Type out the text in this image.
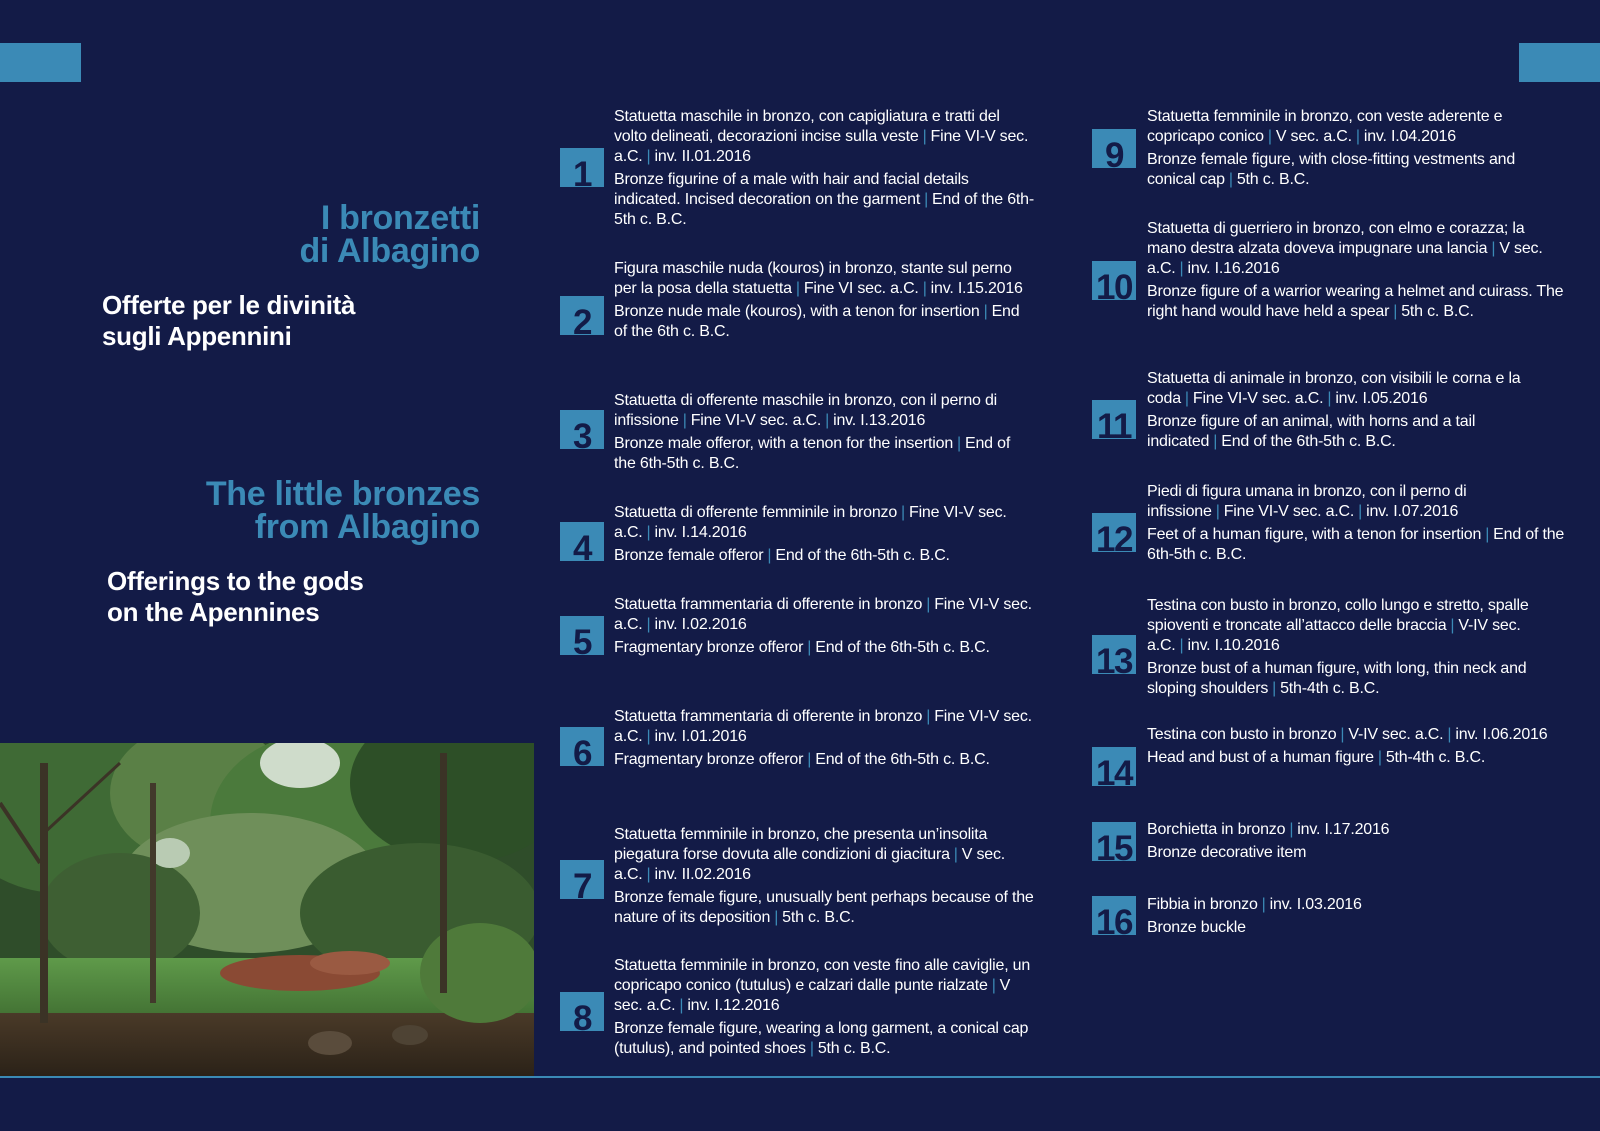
I bronzetti
di Albagino
Offerte per le divinità
sugli Appennini
The little bronzes
from Albagino
Offerings to the gods
on the Apennines
1

Statuetta maschile in bronzo, con capigliatura e tratti del volto delineati, decorazioni incise sulla veste | Fine VI-V sec. a.C. | inv. II.01.2016

Bronze figurine of a male with hair and facial details indicated. Incised decoration on the garment | End of the 6th-5th c. B.C.

2

Figura maschile nuda (kouros) in bronzo, stante sul perno per la posa della statuetta | Fine VI sec. a.C. | inv. I.15.2016

Bronze nude male (kouros), with a tenon for insertion | End of the 6th c. B.C.

3

Statuetta di offerente maschile in bronzo, con il perno di infissione | Fine VI-V sec. a.C. | inv. I.13.2016

Bronze male offeror, with a tenon for the insertion | End of the 6th-5th c. B.C.

4

Statuetta di offerente femminile in bronzo | Fine VI-V sec. a.C. | inv. I.14.2016

Bronze female offeror | End of the 6th-5th c. B.C.

5

Statuetta frammentaria di offerente in bronzo | Fine VI-V sec. a.C. | inv. I.02.2016

Fragmentary bronze offeror | End of the 6th-5th c. B.C.

6

Statuetta frammentaria di offerente in bronzo | Fine VI-V sec. a.C. | inv. I.01.2016

Fragmentary bronze offeror | End of the 6th-5th c. B.C.

7

Statuetta femminile in bronzo, che presenta un’insolita piegatura forse dovuta alle condizioni di giacitura | V sec. a.C. | inv. II.02.2016

Bronze female figure, unusually bent perhaps because of the nature of its deposition | 5th c. B.C.

8

Statuetta femminile in bronzo, con veste fino alle caviglie, un copricapo conico (tutulus) e calzari dalle punte rialzate | V sec. a.C. | inv. I.12.2016

Bronze female figure, wearing a long garment, a conical cap (tutulus), and pointed shoes | 5th c. B.C.

9

Statuetta femminile in bronzo, con veste aderente e copricapo conico | V sec. a.C. | inv. I.04.2016

Bronze female figure, with close-fitting vestments and conical cap | 5th c. B.C.

10

Statuetta di guerriero in bronzo, con elmo e corazza; la mano destra alzata doveva impugnare una lancia | V sec. a.C. | inv. I.16.2016

Bronze figure of a warrior wearing a helmet and cuirass. The right hand would have held a spear | 5th c. B.C.

11

Statuetta di animale in bronzo, con visibili le corna e la coda | Fine VI-V sec. a.C. | inv. I.05.2016

Bronze figure of an animal, with horns and a tail indicated | End of the 6th-5th c. B.C.

12

Piedi di figura umana in bronzo, con il perno di infissione | Fine VI-V sec. a.C. | inv. I.07.2016

Feet of a human figure, with a tenon for insertion | End of the 6th-5th c. B.C.

13

Testina con busto in bronzo, collo lungo e stretto, spalle spioventi e troncate all’attacco delle braccia | V-IV sec. a.C. | inv. I.10.2016

Bronze bust of a human figure, with long, thin neck and sloping shoulders | 5th-4th c. B.C.

14

Testina con busto in bronzo | V-IV sec. a.C. | inv. I.06.2016

Head and bust of a human figure | 5th-4th c. B.C.

15 Borchietta in bronzo | inv. I.17.2016

Bronze decorative item

16 Fibbia in bronzo | inv. I.03.2016

Bronze buckle
